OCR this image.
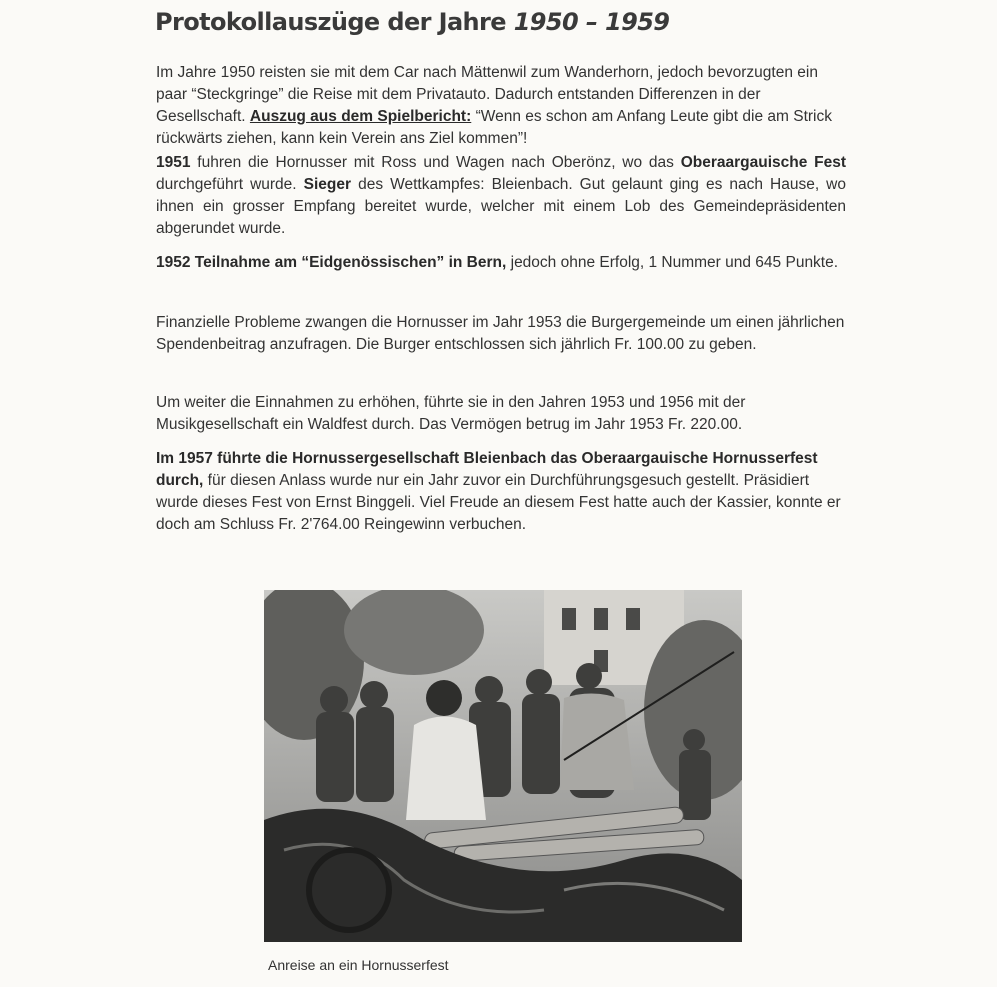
Protokollauszüge der Jahre 1950 – 1959

Im Jahre 1950 reisten sie mit dem Car nach Mättenwil zum Wanderhorn, jedoch bevorzugten ein paar “Steckgringe” die Reise mit dem Privatauto. Dadurch entstanden Differenzen in der Gesellschaft. Auszug aus dem Spielbericht: “Wenn es schon am Anfang Leute gibt die am Strick rückwärts ziehen, kann kein Verein ans Ziel kommen”!

1951 fuhren die Hornusser mit Ross und Wagen nach Oberönz, wo das Oberaargauische Fest durchgeführt wurde. Sieger des Wettkampfes: Bleienbach. Gut gelaunt ging es nach Hause, wo ihnen ein grosser Empfang bereitet wurde, welcher mit einem Lob des Gemeindepräsidenten abgerundet wurde.

1952 Teilnahme am “Eidgenössischen” in Bern, jedoch ohne Erfolg, 1 Nummer und 645 Punkte.

Finanzielle Probleme zwangen die Hornusser im Jahr 1953 die Burgergemeinde um einen jährlichen Spendenbeitrag anzufragen. Die Burger entschlossen sich jährlich Fr. 100.00 zu geben.

Um weiter die Einnahmen zu erhöhen, führte sie in den Jahren 1953 und 1956 mit der Musikgesellschaft ein Waldfest durch. Das Vermögen betrug im Jahr 1953 Fr. 220.00.

Im 1957 führte die Hornussergesellschaft Bleienbach das Oberaargauische Hornusserfest durch, für diesen Anlass wurde nur ein Jahr zuvor ein Durchführungsgesuch gestellt. Präsidiert wurde dieses Fest von Ernst Binggeli. Viel Freude an diesem Fest hatte auch der Kassier, konnte er doch am Schluss Fr. 2'764.00 Reingewinn verbuchen.

Anreise an ein Hornusserfest
